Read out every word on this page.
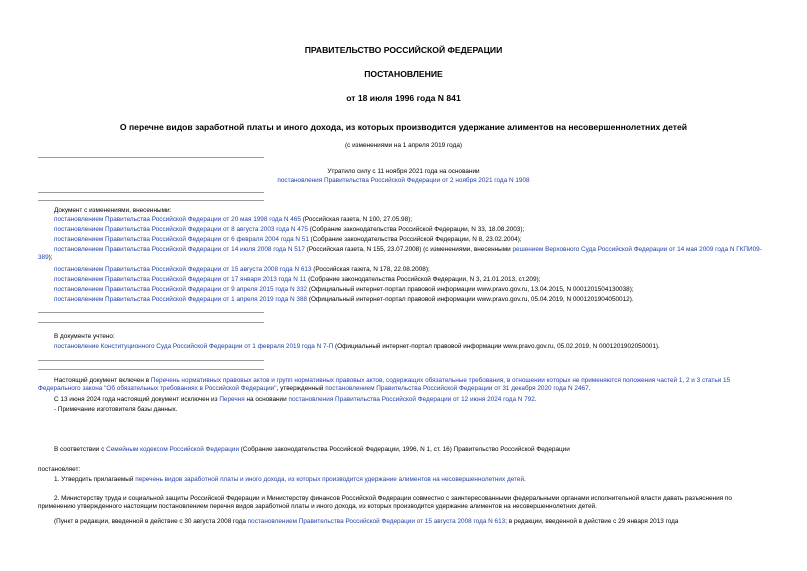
ПРАВИТЕЛЬСТВО РОССИЙСКОЙ ФЕДЕРАЦИИ
ПОСТАНОВЛЕНИЕ
от 18 июля 1996 года N 841
О перечне видов заработной платы и иного дохода, из которых производится удержание алиментов на несовершеннолетних детей
(с изменениями на 1 апреля 2019 года)
Утратило силу с 11 ноября 2021 года на основании
постановления Правительства Российской Федерации от 2 ноября 2021 года N 1908
Документ с изменениями, внесенными:
постановлением Правительства Российской Федерации от 20 мая 1998 года N 465 (Российская газета, N 100, 27.05.98);
постановлением Правительства Российской Федерации от 8 августа 2003 года N 475 (Собрание законодательства Российской Федерации, N 33, 18.08.2003);
постановлением Правительства Российской Федерации от 6 февраля 2004 года N 51 (Собрание законодательства Российской Федерации, N 8, 23.02.2004);
постановлением Правительства Российской Федерации от 14 июля 2008 года N 517 (Российская газета, N 155, 23.07.2008) (с изменениями, внесенными решением Верховного Суда Российской Федерации от 14 мая 2009 года N ГКПИ09-389);
постановлением Правительства Российской Федерации от 15 августа 2008 года N 613 (Российская газета, N 178, 22.08.2008);
постановлением Правительства Российской Федерации от 17 января 2013 года N 11 (Собрание законодательства Российской Федерации, N 3, 21.01.2013, ст.209);
постановлением Правительства Российской Федерации от 9 апреля 2015 года N 332 (Официальный интернет-портал правовой информации www.pravo.gov.ru, 13.04.2015, N 0001201504130038);
постановлением Правительства Российской Федерации от 1 апреля 2019 года N 388 (Официальный интернет-портал правовой информации www.pravo.gov.ru, 05.04.2019, N 0001201904050012).
В документе учтено:
постановление Конституционного Суда Российской Федерации от 1 февраля 2019 года N 7-П (Официальный интернет-портал правовой информации www.pravo.gov.ru, 05.02.2019, N 0001201902050001).
Настоящий документ включен в Перечень нормативных правовых актов и групп нормативных правовых актов, содержащих обязательные требования, в отношении которых не применяются положения частей 1, 2 и 3 статьи 15 Федерального закона "Об обязательных требованиях в Российской Федерации", утвержденный постановлением Правительства Российской Федерации от 31 декабря 2020 года N 2467.
С 13 июня 2024 года настоящий документ исключен из Перечня на основании постановления Правительства Российской Федерации от 12 июня 2024 года N 792.
- Примечание изготовителя базы данных.
В соответствии с Семейным кодексом Российской Федерации (Собрание законодательства Российской Федерации, 1996, N 1, ст. 16) Правительство Российской Федерации
постановляет:
1. Утвердить прилагаемый перечень видов заработной платы и иного дохода, из которых производится удержание алиментов на несовершеннолетних детей.
2. Министерству труда и социальной защиты Российской Федерации и Министерству финансов Российской Федерации совместно с заинтересованными федеральными органами исполнительной власти давать разъяснения по применению утвержденного настоящим постановлением перечня видов заработной платы и иного дохода, из которых производится удержание алиментов на несовершеннолетних детей.
(Пункт в редакции, введенной в действие с 30 августа 2008 года постановлением Правительства Российской Федерации от 15 августа 2008 года N 613; в редакции, введенной в действие с 29 января 2013 года
